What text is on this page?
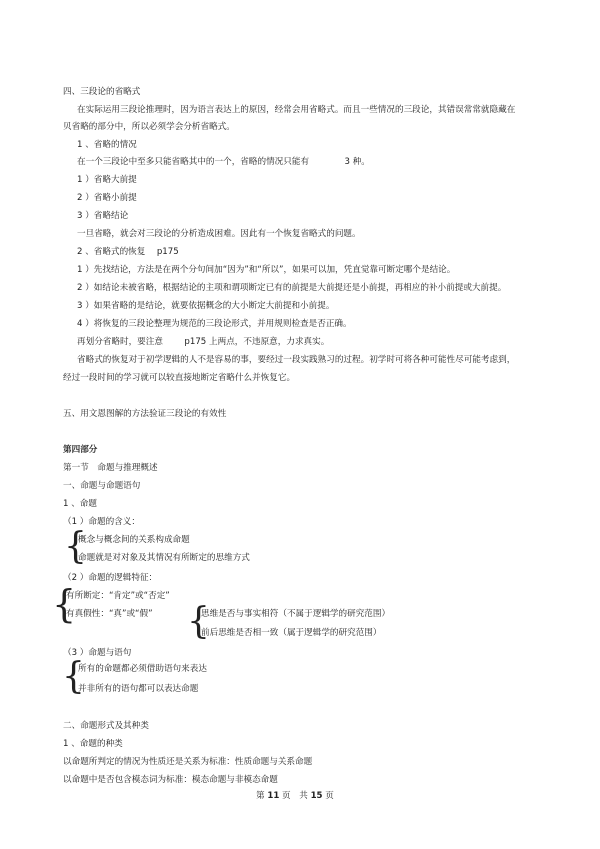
四、三段论的省略式
在实际运用三段论推理时，因为语言表达上的原因，经常会用省略式。而且一些情况的三段论，其错误常常就隐藏在
贝省略的部分中，所以必须学会分析省略式。
1 、省略的情况
在一个三段论中至多只能省略其中的一个，省略的情况只能有	3 种。
1 ）省略大前提
2 ）省略小前提
3 ）省略结论
一旦省略，就会对三段论的分析造成困难。因此有一个恢复省略式的问题。
2 、省略式的恢复 p175
1 ）先找结论，方法是在两个分句间加“因为”和“所以”，如果可以加，凭直觉靠可断定哪个是结论。
2 ）如结论未被省略，根据结论的主项和谓项断定已有的前提是大前提还是小前提，再相应的补小前提或大前提。
3 ）如果省略的是结论，就要依据概念的大小断定大前提和小前提。
4 ）将恢复的三段论整理为规范的三段论形式，并用规则检查是否正确。
再划分省略时，要注意 p175 上两点，不违原意，力求真实。
省略式的恢复对于初学逻辑的人不是容易的事，要经过一段实践熟习的过程。初学时可将各种可能性尽可能考虑到，
经过一段时间的学习就可以较直接地断定省略什么并恢复它。
五、用文恩图解的方法验证三段论的有效性
第四部分
第一节　命题与推理概述
一、命题与命题语句
1 、命题
（1 ）命题的含义：
{
概念与概念间的关系构成命题
命题就是对对象及其情况有所断定的思维方式
（2 ）命题的逻辑特征：
{
有所断定：“肯定”或“否定”
有真假性：“真”或“假” {
思维是否与事实相符（不属于逻辑学的研究范围）
前后思维是否相一致（属于逻辑学的研究范围）
（3 ）命题与语句
{
所有的命题都必须借助语句来表达
并非所有的语句都可以表达命题
二、命题形式及其种类
1 、命题的种类
以命题所判定的情况为性质还是关系为标准：性质命题与关系命题
以命题中是否包含模态词为标准：模态命题与非模态命题
第 11 页　共 15 页
